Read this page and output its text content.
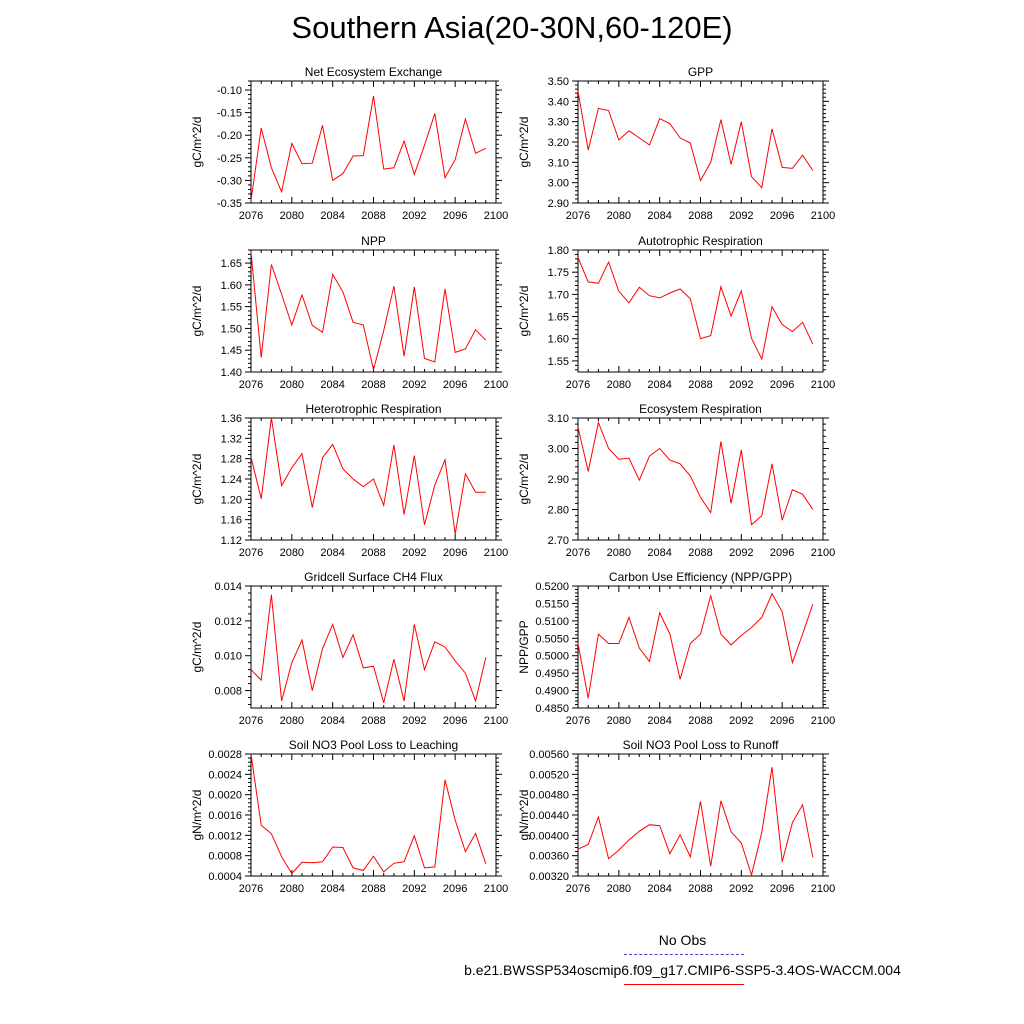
Southern Asia(20-30N,60-120E)
Net Ecosystem Exchange
gC/m^2/d
2076 2080 2084 2088 2092 2096 2100
-0.35
-0.30
-0.25
-0.20
-0.15
-0.10
GPP
gC/m^2/d
2076 2080 2084 2088 2092 2096 2100
2.90
3.00
3.10
3.20
3.30
3.40
3.50
NPP
gC/m^2/d
2076 2080 2084 2088 2092 2096 2100
1.40
1.45
1.50
1.55
1.60
1.65
Autotrophic Respiration
gC/m^2/d
2076 2080 2084 2088 2092 2096 2100
1.55
1.60
1.65
1.70
1.75
1.80
Heterotrophic Respiration
gC/m^2/d
2076 2080 2084 2088 2092 2096 2100
1.12
1.16
1.20
1.24
1.28
1.32
1.36
Ecosystem Respiration
gC/m^2/d
2076 2080 2084 2088 2092 2096 2100
2.70
2.80
2.90
3.00
3.10
Gridcell Surface CH4 Flux
gC/m^2/d
2076 2080 2084 2088 2092 2096 2100
0.008
0.010
0.012
0.014
Carbon Use Efficiency (NPP/GPP)
NPP/GPP
2076 2080 2084 2088 2092 2096 2100
0.4850
0.4900
0.4950
0.5000
0.5050
0.5100
0.5150
0.5200
Soil NO3 Pool Loss to Leaching
gN/m^2/d
2076 2080 2084 2088 2092 2096 2100
0.0004
0.0008
0.0012
0.0016
0.0020
0.0024
0.0028
Soil NO3 Pool Loss to Runoff
gN/m^2/d
2076 2080 2084 2088 2092 2096 2100
0.00320
0.00360
0.00400
0.00440
0.00480
0.00520
0.00560
No Obs
b.e21.BWSSP534oscmip6.f09_g17.CMIP6-SSP5-3.4OS-WACCM.004
